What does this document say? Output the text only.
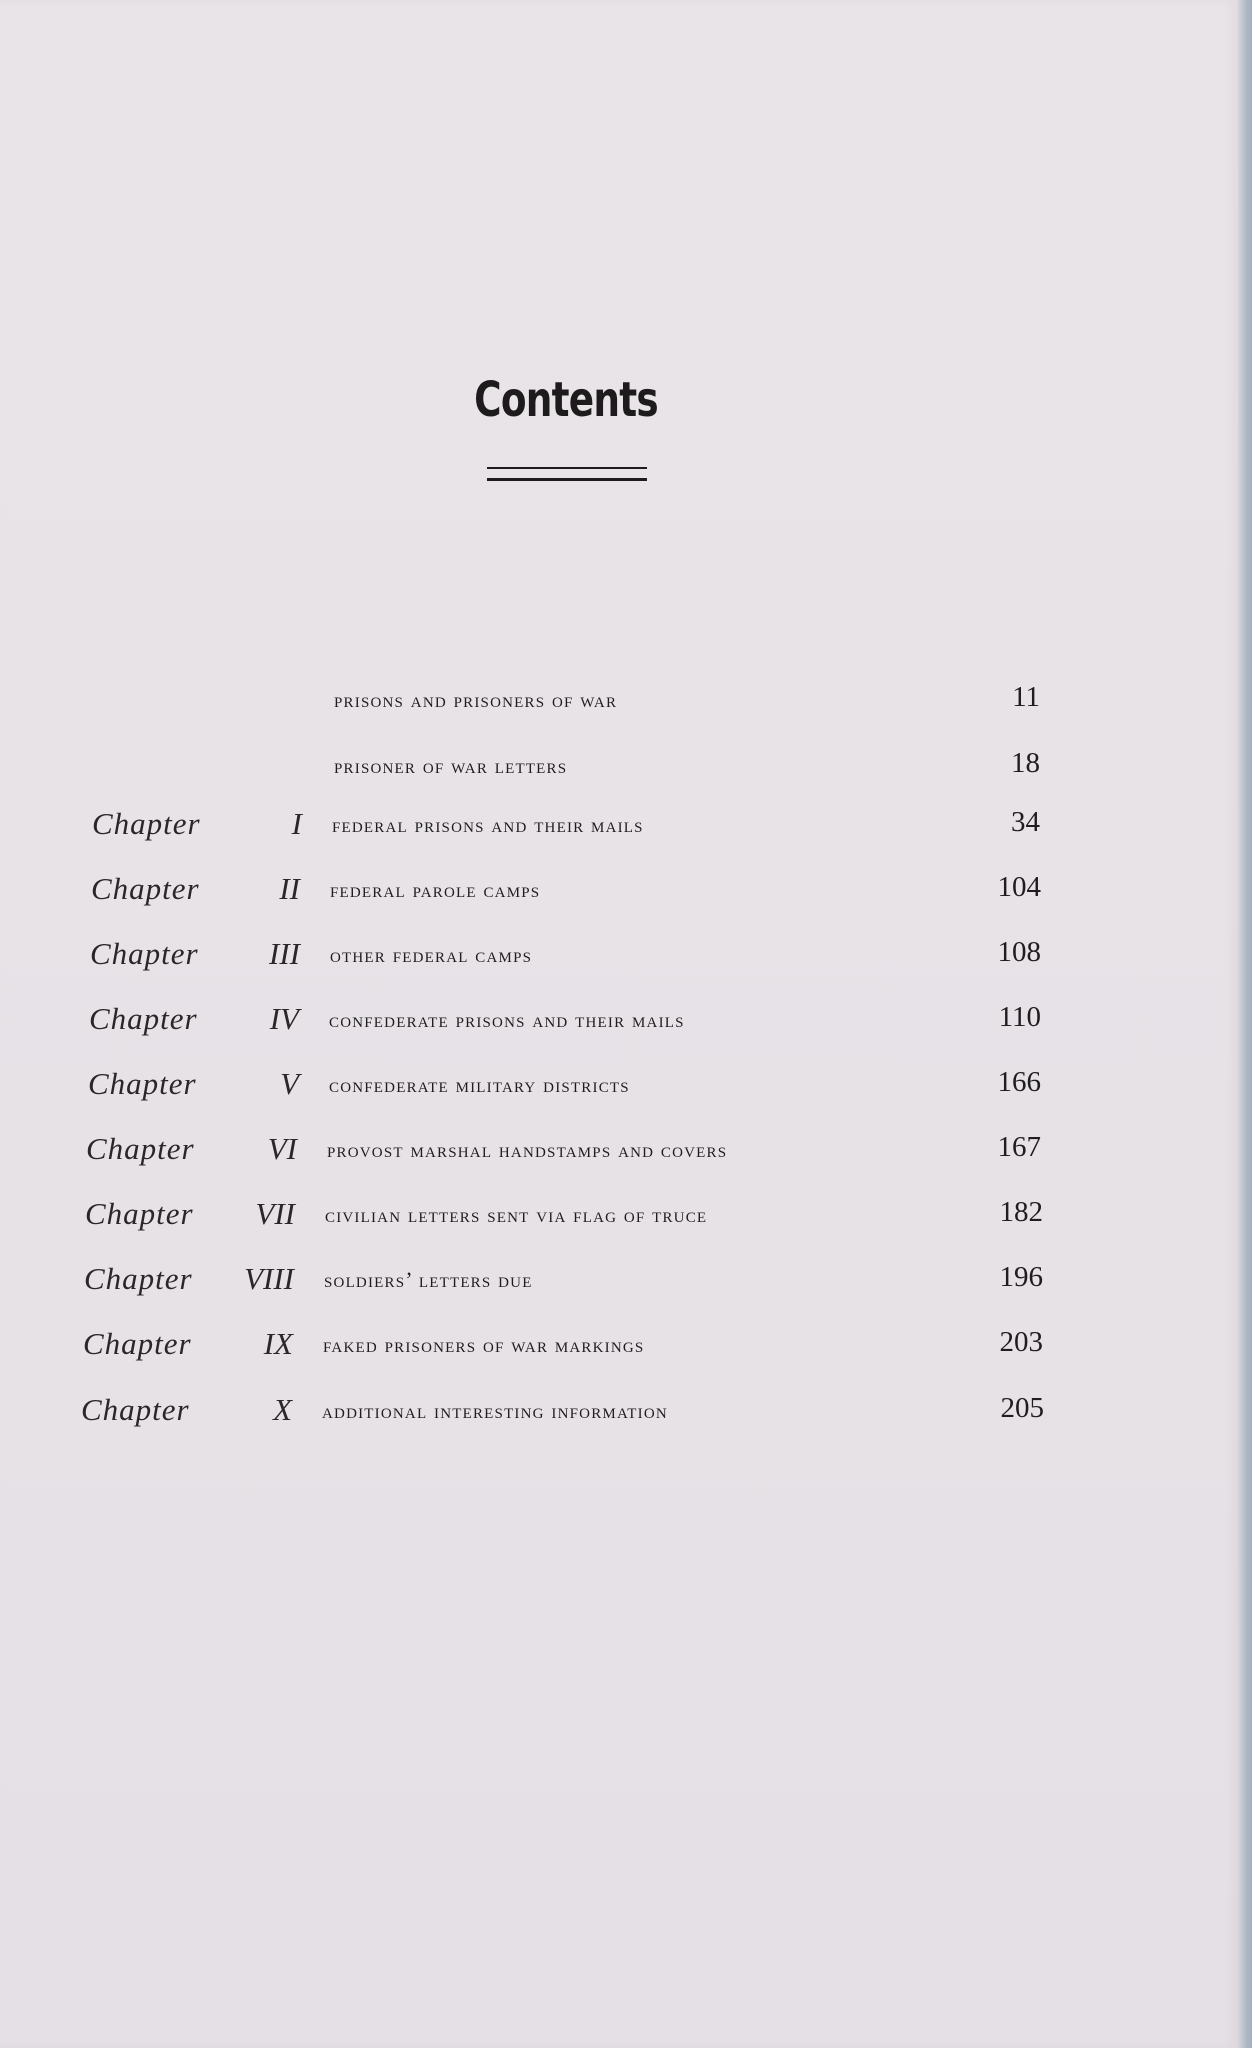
Contents
prisons and prisoners of war	11
prisoner of war letters	18
Chapter	I federal prisons and their mails	34
Chapter	II federal parole camps	104
Chapter III other federal camps	108
Chapter IV confederate prisons and their mails	110
Chapter	V confederate military districts	166
Chapter VI provost marshal handstamps and covers	167
Chapter VII civilian letters sent via flag of truce	182
Chapter VIII soldiers’ letters due	196
Chapter IX faked prisoners of war markings	203
Chapter	X additional interesting information	205
